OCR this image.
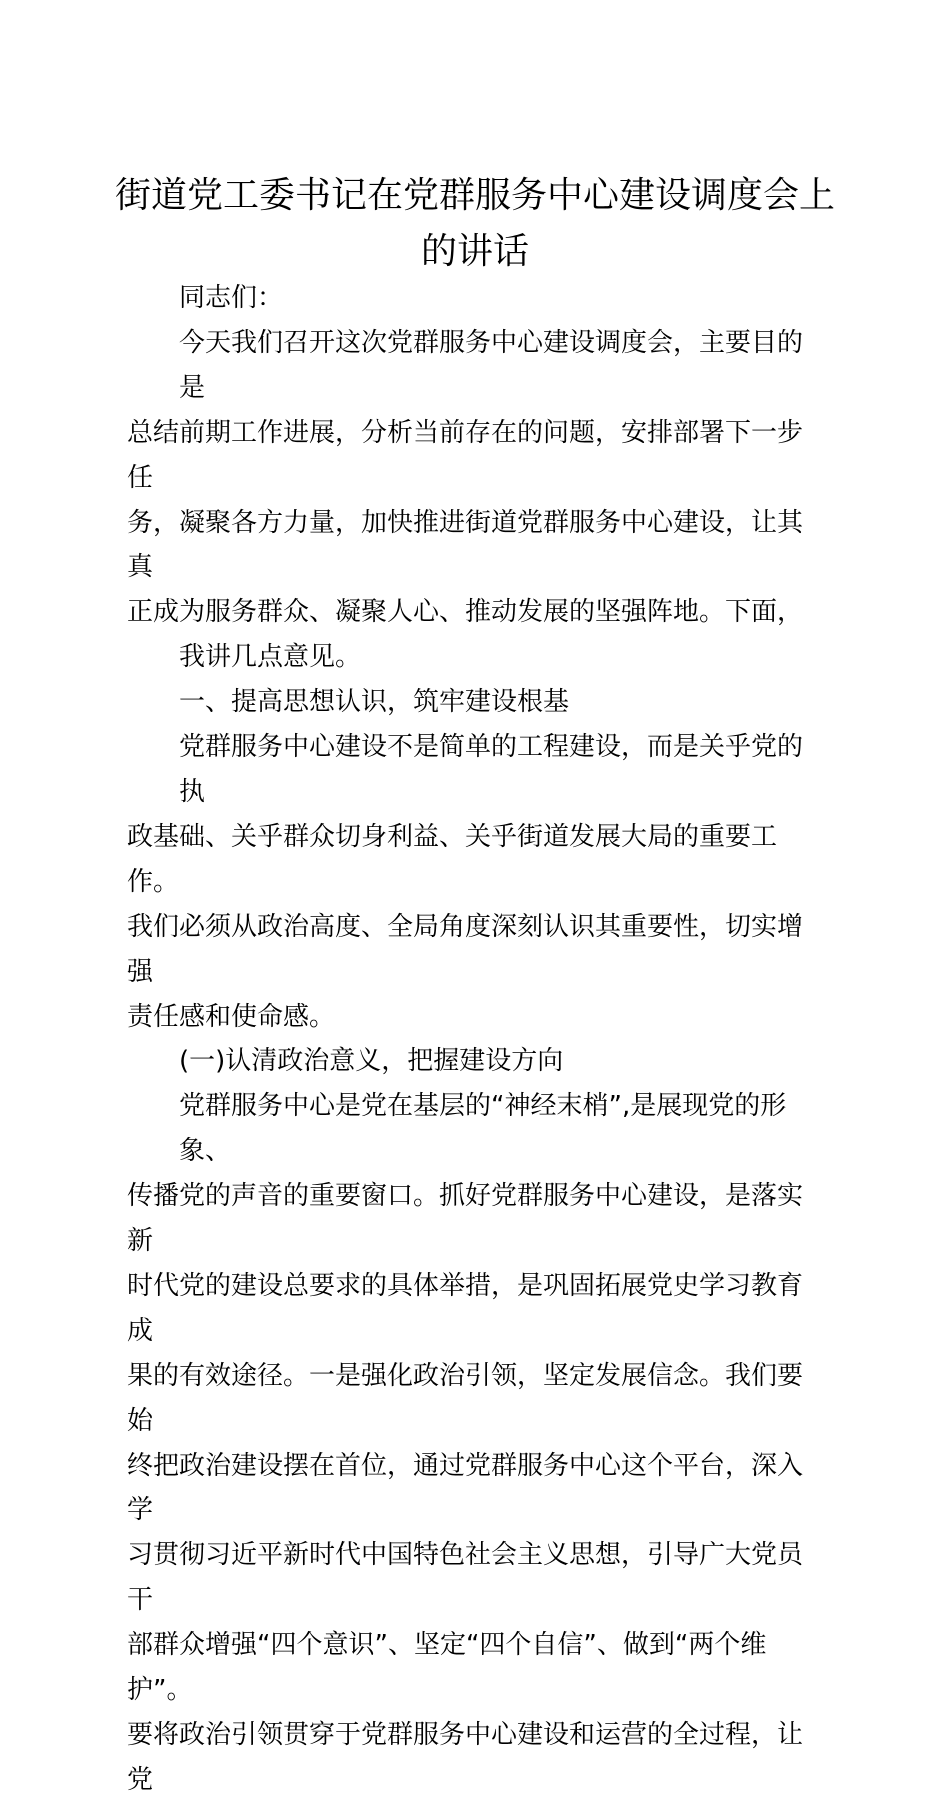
街道党工委书记在党群服务中心建设调度会上
的讲话
同志们：
今天我们召开这次党群服务中心建设调度会，主要目的是
总结前期工作进展，分析当前存在的问题，安排部署下一步任
务，凝聚各方力量，加快推进街道党群服务中心建设，让其真
正成为服务群众、凝聚人心、推动发展的坚强阵地。下面，
我讲几点意见。
一、提高思想认识，筑牢建设根基
党群服务中心建设不是简单的工程建设，而是关乎党的执
政基础、关乎群众切身利益、关乎街道发展大局的重要工作。
我们必须从政治高度、全局角度深刻认识其重要性，切实增强
责任感和使命感。
(一)认清政治意义，把握建设方向
党群服务中心是党在基层的“神经末梢”,是展现党的形象、
传播党的声音的重要窗口。抓好党群服务中心建设，是落实新
时代党的建设总要求的具体举措，是巩固拓展党史学习教育成
果的有效途径。一是强化政治引领，坚定发展信念。我们要始
终把政治建设摆在首位，通过党群服务中心这个平台，深入学
习贯彻习近平新时代中国特色社会主义思想，引导广大党员干
部群众增强“四个意识”、坚定“四个自信”、做到“两个维护”。
要将政治引领贯穿于党群服务中心建设和运营的全过程，让党
